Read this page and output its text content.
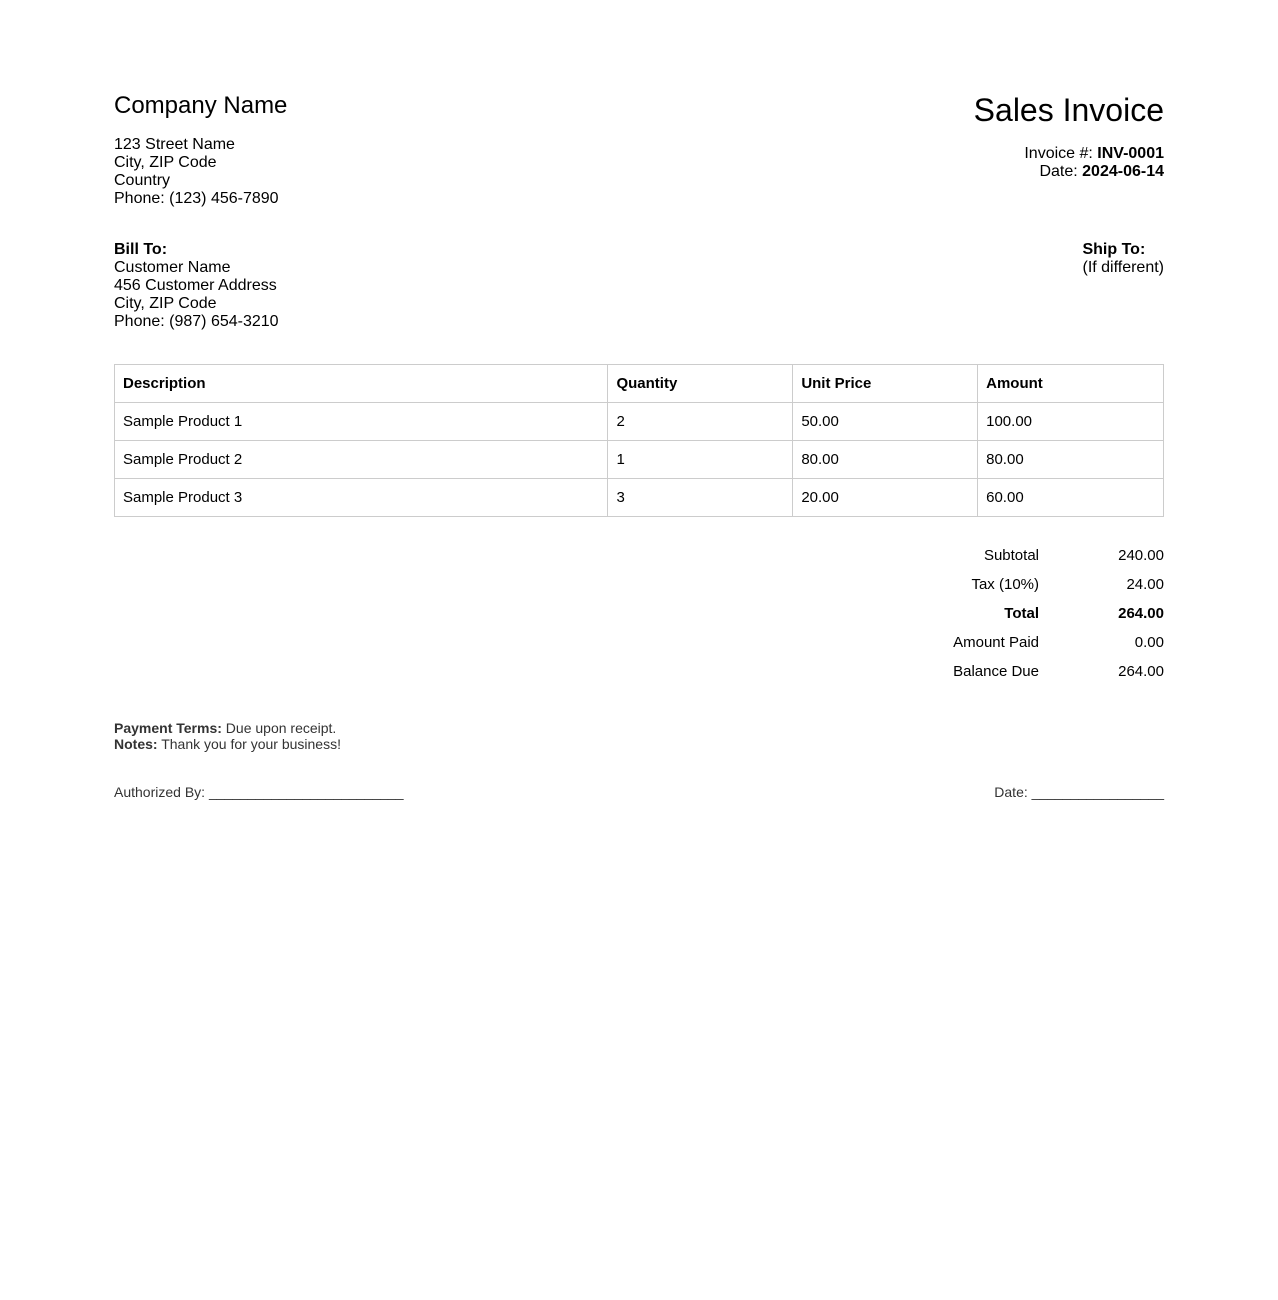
Company Name
123 Street Name
City, ZIP Code
Country
Phone: (123) 456-7890
Sales Invoice
Invoice #: INV-0001
Date: 2024-06-14
Bill To:
Customer Name
456 Customer Address
City, ZIP Code
Phone: (987) 654-3210
Ship To:
(If different)
Description	Quantity	Unit Price	Amount
Sample Product 1	2	50.00	100.00
Sample Product 2	1	80.00	80.00
Sample Product 3	3	20.00	60.00
Subtotal	240.00
Tax (10%)	24.00
Total	264.00
Amount Paid	0.00
Balance Due	264.00
Payment Terms: Due upon receipt.
Notes: Thank you for your business!
Authorized By: _________________________	Date: _________________
